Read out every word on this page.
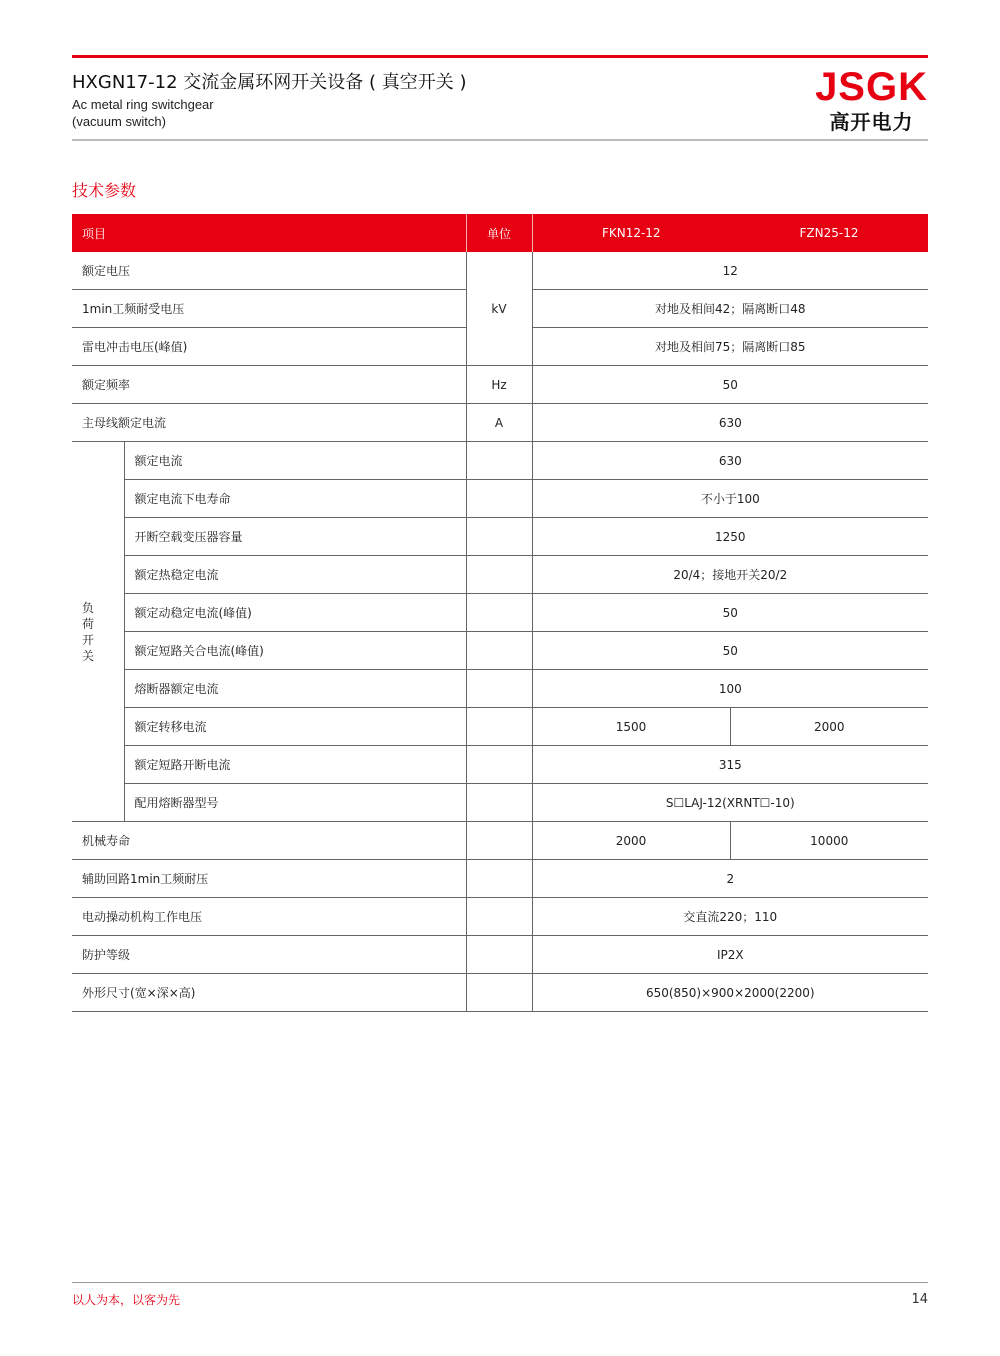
HXGN17-12 交流金属环网开关设备 ( 真空开关 )
Ac metal ring switchgear
(vacuum switch)
JSGK
高开电力
技术参数
项目		单位	FKN12-12	FZN25-12
额定电压		kV	12	
1min工频耐受电压			对地及相间42；隔离断口48	
雷电冲击电压(峰值)			对地及相间75；隔离断口85	
额定频率		Hz	50	
主母线额定电流		A	630	

负
荷
开
关	额定电流		630	
	额定电流下电寿命		不小于100	
	开断空载变压器容量		1250	
	额定热稳定电流		20/4；接地开关20/2	
	额定动稳定电流(峰值)		50	
	额定短路关合电流(峰值)		50	
	熔断器额定电流		100	
	额定转移电流		1500	2000
	额定短路开断电流		315	
	配用熔断器型号		S☐LAJ-12(XRNT☐-10)	
机械寿命			2000	10000
辅助回路1min工频耐压			2	
电动操动机构工作电压			交直流220；110	
防护等级			IP2X	
外形尺寸(宽×深×高)			650(850)×900×2000(2200)	
以人为本，以客为先	14
